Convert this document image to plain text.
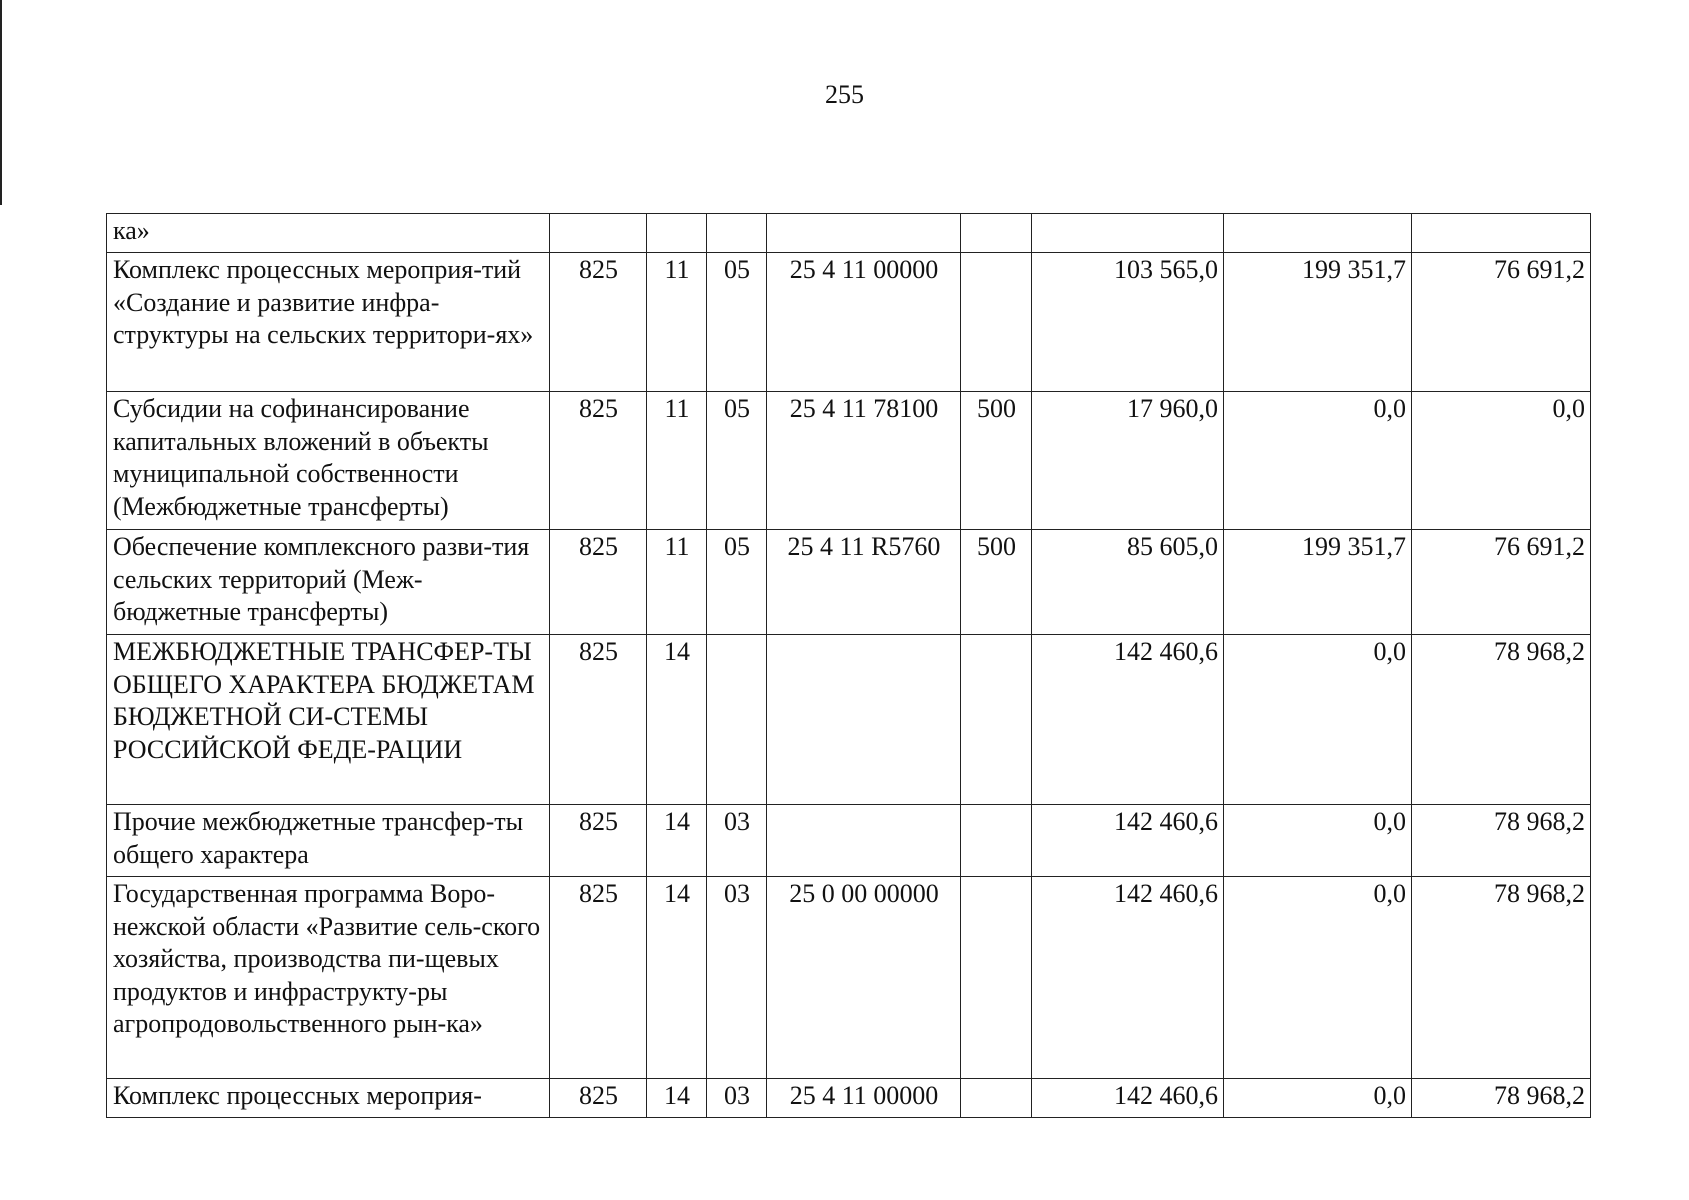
255
ка»								
Комплекс процессных мероприя-тий «Создание и развитие инфра-структуры на сельских территори-ях»	825	11	05	25 4 11 00000		103 565,0	199 351,7	76 691,2
Субсидии на софинансирование капитальных вложений в объекты муниципальной собственности (Межбюджетные трансферты)	825	11	05	25 4 11 78100	500	17 960,0	0,0	0,0
Обеспечение комплексного разви-тия сельских территорий (Меж-бюджетные трансферты)	825	11	05	25 4 11 R5760	500	85 605,0	199 351,7	76 691,2
МЕЖБЮДЖЕТНЫЕ ТРАНСФЕР-ТЫ ОБЩЕГО ХАРАКТЕРА БЮДЖЕТАМ БЮДЖЕТНОЙ СИ-СТЕМЫ РОССИЙСКОЙ ФЕДЕ-РАЦИИ	825	14				142 460,6	0,0	78 968,2
Прочие межбюджетные трансфер-ты общего характера	825	14	03			142 460,6	0,0	78 968,2
Государственная программа Воро-нежской области «Развитие сель-ского хозяйства, производства пи-щевых продуктов и инфраструкту-ры агропродовольственного рын-ка»	825	14	03	25 0 00 00000		142 460,6	0,0	78 968,2
Комплекс процессных мероприя-	825	14	03	25 4 11 00000		142 460,6	0,0	78 968,2
